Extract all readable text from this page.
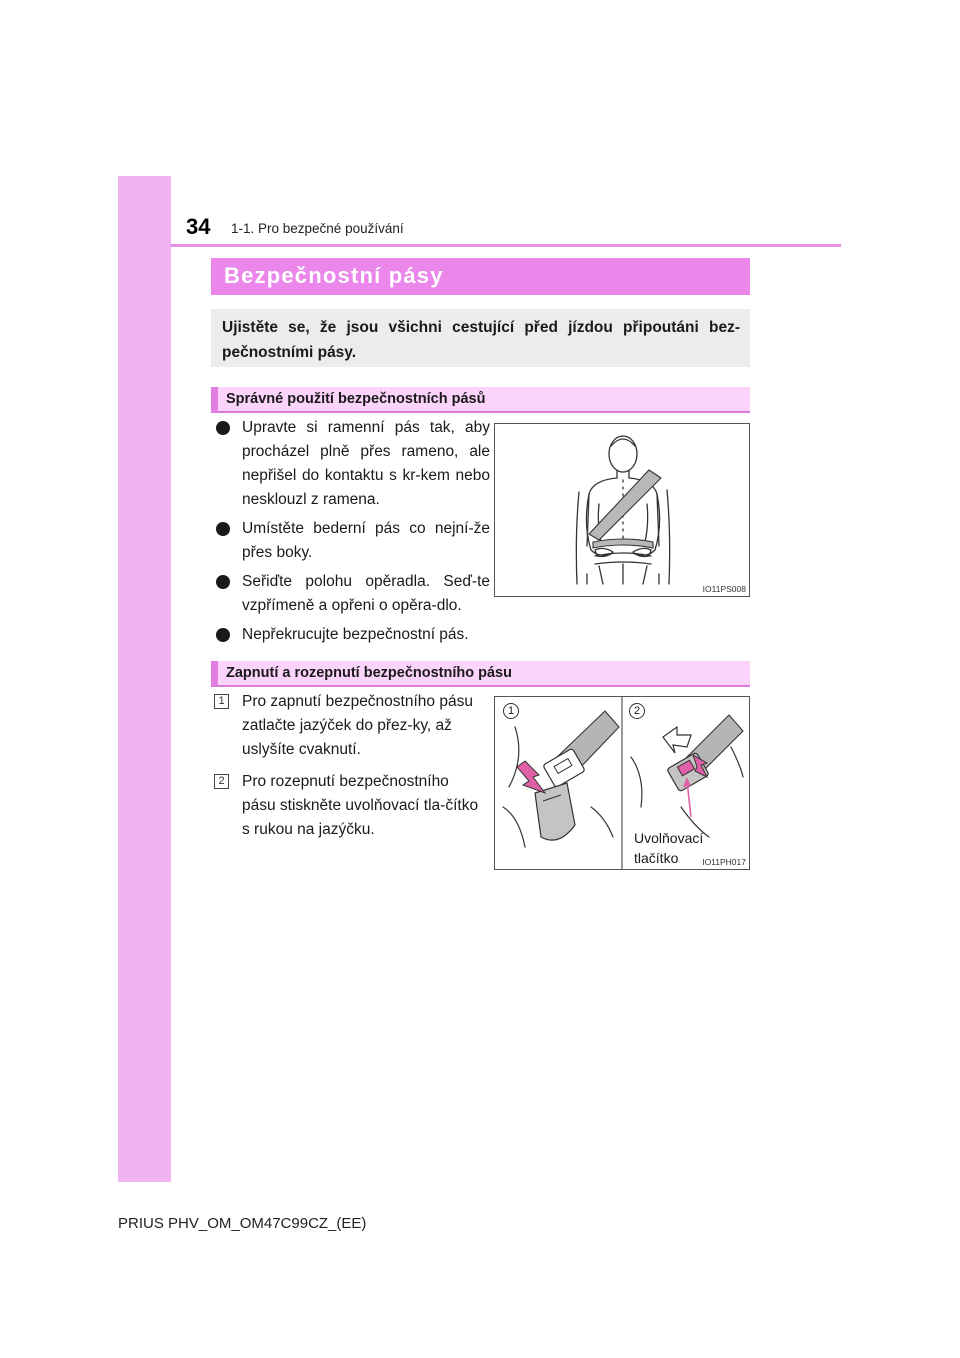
34 1-1. Pro bezpečné používání
Bezpečnostní pásy
Ujistěte se, že jsou všichni cestující před jízdou připoutáni bez-pečnostními pásy.
Správné použití bezpečnostních pásů
Upravte si ramenní pás tak, aby procházel plně přes rameno, ale nepřišel do kontaktu s kr-kem nebo nesklouzl z ramena.
Umístěte bederní pás co nejní-že přes boky.
Seřiďte polohu opěradla. Seď-te vzpřímeně a opřeni o opěra-dlo.
Nepřekrucujte bezpečnostní pás.
IO11PS008
Zapnutí a rozepnutí bezpečnostního pásu
1 Pro zapnutí bezpečnostního pásu zatlačte jazýček do přez-ky, až uslyšíte cvaknutí.
2 Pro rozepnutí bezpečnostního pásu stiskněte uvolňovací tla-čítko s rukou na jazýčku.
1	2
IO11PH017
Uvolňovací
tlačítko
PRIUS PHV_OM_OM47C99CZ_(EE)
